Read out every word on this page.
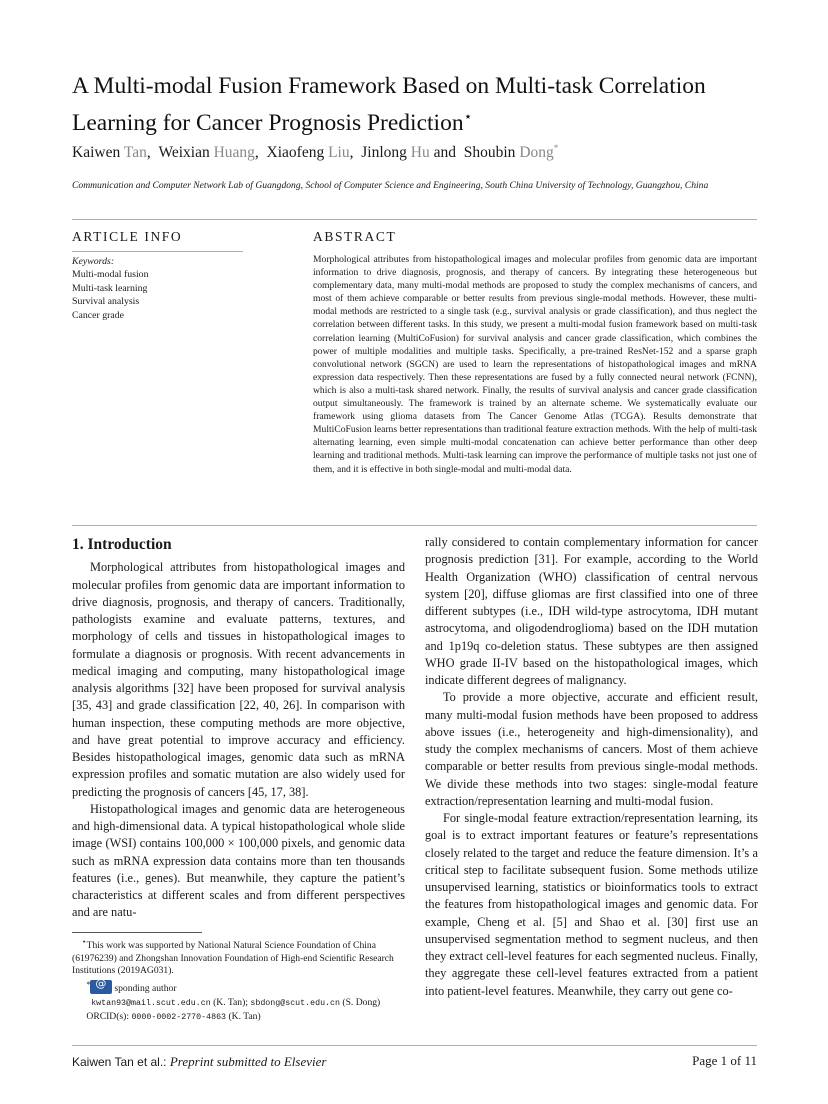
A Multi-modal Fusion Framework Based on Multi-task Correlation Learning for Cancer Prognosis Prediction⋆
Kaiwen Tan,  Weixian Huang,  Xiaofeng Liu,  Jinlong Hu and Shoubin Dong*
Communication and Computer Network Lab of Guangdong, School of Computer Science and Engineering, South China University of Technology, Guangzhou, China
ARTICLE INFO
Keywords:
Multi-modal fusion
Multi-task learning
Survival analysis
Cancer grade
ABSTRACT
Morphological attributes from histopathological images and molecular profiles from genomic data are important information to drive diagnosis, prognosis, and therapy of cancers. By integrating these heterogeneous but complementary data, many multi-modal methods are proposed to study the complex mechanisms of cancers, and most of them achieve comparable or better results from previous single-modal methods. However, these multi-modal methods are restricted to a single task (e.g., survival analysis or grade classification), and thus neglect the correlation between different tasks. In this study, we present a multi-modal fusion framework based on multi-task correlation learning (MultiCoFusion) for survival analysis and cancer grade classification, which combines the power of multiple modalities and multiple tasks. Specifically, a pre-trained ResNet-152 and a sparse graph convolutional network (SGCN) are used to learn the representations of histopathological images and mRNA expression data respectively. Then these representations are fused by a fully connected neural network (FCNN), which is also a multi-task shared network. Finally, the results of survival analysis and cancer grade classification output simultaneously. The framework is trained by an alternate scheme. We systematically evaluate our framework using glioma datasets from The Cancer Genome Atlas (TCGA). Results demonstrate that MultiCoFusion learns better representations than traditional feature extraction methods. With the help of multi-task alternating learning, even simple multi-modal concatenation can achieve better performance than other deep learning and traditional methods. Multi-task learning can improve the performance of multiple tasks not just one of them, and it is effective in both single-modal and multi-modal data.
1. Introduction

Morphological attributes from histopathological images and molecular profiles from genomic data are important information to drive diagnosis, prognosis, and therapy of cancers. Traditionally, pathologists examine and evaluate patterns, textures, and morphology of cells and tissues in histopathological images to formulate a diagnosis or prognosis. With recent advancements in medical imaging and computing, many histopathological image analysis algorithms [32] have been proposed for survival analysis [35, 43] and grade classification [22, 40, 26]. In comparison with human inspection, these computing methods are more objective, and have great potential to improve accuracy and efficiency. Besides histopathological images, genomic data such as mRNA expression profiles and somatic mutation are also widely used for predicting the prognosis of cancers [45, 17, 38].

Histopathological images and genomic data are heterogeneous and high-dimensional data. A typical histopathological whole slide image (WSI) contains 100,000 × 100,000 pixels, and genomic data such as mRNA expression data contains more than ten thousands features (i.e., genes). But meanwhile, they capture the patient’s characteristics at different scales and from different perspectives and are natu-

rally considered to contain complementary information for cancer prognosis prediction [31]. For example, according to the World Health Organization (WHO) classification of central nervous system [20], diffuse gliomas are first classified into one of three different subtypes (i.e., IDH wild-type astrocytoma, IDH mutant astrocytoma, and oligodendroglioma) based on the IDH mutation and 1p19q co-deletion status. These subtypes are then assigned WHO grade II-IV based on the histopathological images, which indicate different degrees of malignancy.

To provide a more objective, accurate and efficient result, many multi-modal fusion methods have been proposed to address above issues (i.e., heterogeneity and high-dimensionality), and study the complex mechanisms of cancers. Most of them achieve comparable or better results from previous single-modal methods. We divide these methods into two stages: single-modal feature extraction/representation learning and multi-modal fusion.

For single-modal feature extraction/representation learning, its goal is to extract important features or feature’s representations closely related to the target and reduce the feature dimension. It’s a critical step to facilitate subsequent fusion. Some methods utilize unsupervised learning, statistics or bioinformatics tools to extract the features from histopathological images and genomic data. For example, Cheng et al. [5] and Shao et al. [30] first use an unsupervised segmentation method to segment nucleus, and then they extract cell-level features for each segmented nucleus. Finally, they aggregate these cell-level features extracted from a patient into patient-level features. Meanwhile, they carry out gene co-

⋆This work was supported by National Natural Science Foundation of China (61976239) and Zhongshan Innovation Foundation of High-end Scientific Research Institutions (2019AG031).

*@	sponding author

kwtan93@mail.scut.edu.cn (K. Tan); sbdong@scut.edu.cn (S. Dong)

ORCID(s): 0000-0002-2770-4863 (K. Tan)

Kaiwen Tan et al.: Preprint submitted to Elsevier	Page 1 of 11
